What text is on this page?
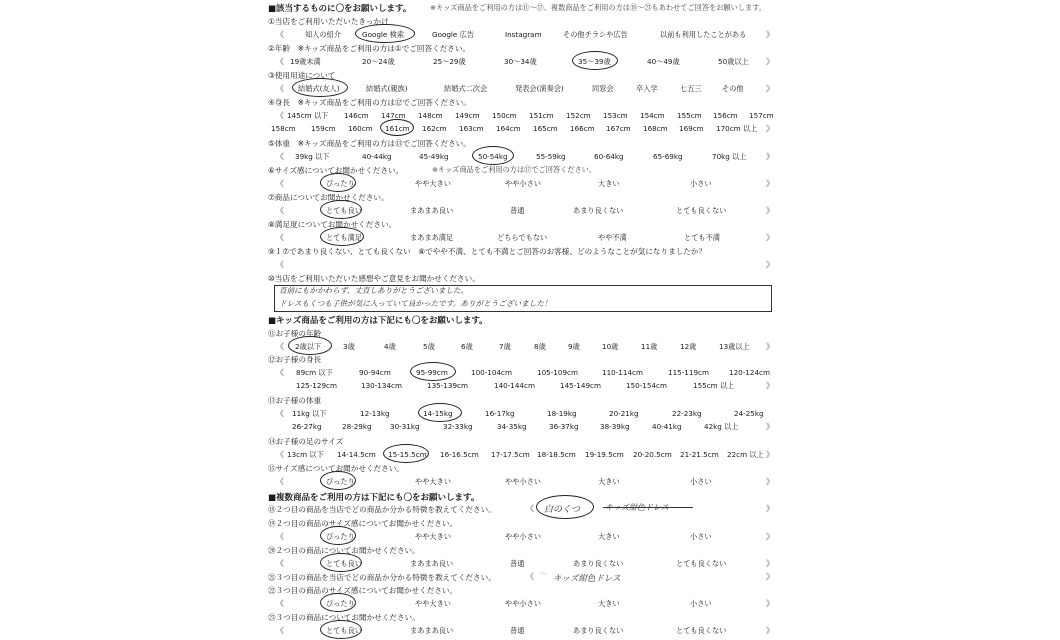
■該当するものに〇をお願いします。	※キッズ商品をご利用の方は⑪〜⑰、複数商品をご利用の方は⑱〜㉓もあわせてご回答をお願いします。
①当店をご利用いただいたきっかけ
《	知人の紹介	Google 検索	Google 広告	Instagram	その他チラシや広告	以前も利用したことがある 》
②年齢　※キッズ商品をご利用の方は①でご回答ください。
《 19歳未満	20〜24歳	25〜29歳	30〜34歳	35〜39歳	40〜49歳	50歳以上 》
③使用用途について
《 結婚式(友人)	結婚式(親族)	結婚式二次会	発表会(演奏会)	同窓会	卒入学	七五三	その他	》
④身長　※キッズ商品をご利用の方は⑫でご回答ください。
《 145cm 以下 146cm 147cm 148cm 149cm 150cm 151cm 152cm 153cm 154cm 155cm 156cm 157cm
158cm 159cm 160cm 161cm 162cm 163cm 164cm 165cm 166cm 167cm 168cm 169cm 170cm 以上 》
⑤体重　※キッズ商品をご利用の方は⑬でご回答ください。
《 39kg 以下	40-44kg	45-49kg	50-54kg	55-59kg	60-64kg	65-69kg	70kg 以上 》
⑥サイズ感についてお聞かせください。	※キッズ商品をご利用の方は⑰でご回答ください。
《	ぴったり	やや大きい	やや小さい	大きい	小さい	》
⑦商品についてお聞かせください。
《	とても良い	まあまあ良い	普通	あまり良くない	とても良くない	》
⑧満足度についてお聞かせください。
《	とても満足	まあまあ満足	どちらでもない	やや不満	とても不満	》
⑨１⑦であまり良くない、とても良くない　⑧でやや不満、とても不満とご回答のお客様、どのようなことが気になりましたか？
《	》
⑩当店をご利用いただいた感想やご意見をお聞かせください。
直前にもかかわらず、丈直しありがとうございました。
ドレスもくつも子供が気に入っていて良かったです。ありがとうございました！
■キッズ商品をご利用の方は下記にも〇をお願いします。
⑪お子様の年齢
《 2歳以下	3歳	4歳	5歳	6歳	7歳	8歳	9歳	10歳	11歳	12歳	13歳以上 》
⑫お子様の身長
《 89cm 以下	90-94cm	95-99cm	100-104cm	105-109cm	110-114cm	115-119cm	120-124cm
125-129cm	130-134cm	135-139cm	140-144cm	145-149cm	150-154cm	155cm 以上	》
⑬お子様の体重
《 11kg 以下	12-13kg	14-15kg	16-17kg	18-19kg	20-21kg	22-23kg	24-25kg
26-27kg	28-29kg	30-31kg	32-33kg	34-35kg	36-37kg	38-39kg	40-41kg	42kg 以上	》
⑭お子様の足のサイズ
《 13cm 以下 14-14.5cm 15-15.5cm 16-16.5cm 17-17.5cm 18-18.5cm 19-19.5cm 20-20.5cm 21-21.5cm 22cm 以上 》
⑮サイズ感についてお聞かせください。
《	ぴったり	やや大きい	やや小さい	大きい	小さい	》
■複数商品をご利用の方は下記にも〇をお願いします。
⑱２つ目の商品を当店でどの商品か分かる特徴を教えてください。	《 白のくつ	》
⑲２つ目の商品のサイズ感についてお聞かせください。
《	ぴったり	やや大きい	やや小さい	大きい	小さい	》
⑳２つ目の商品についてお聞かせください。
《	とても良い	まあまあ良い	普通	あまり良くない	とても良くない	》
㉑３つ目の商品を当店でどの商品か分かる特徴を教えてください。	《 キッズ紺色ドレス
〰	》
㉒３つ目の商品のサイズ感についてお聞かせください。
《	ぴったり	やや大きい	やや小さい	大きい	小さい	》
㉓３つ目の商品についてお聞かせください。
《	とても良い	まあまあ良い	普通	あまり良くない	とても良くない	》
